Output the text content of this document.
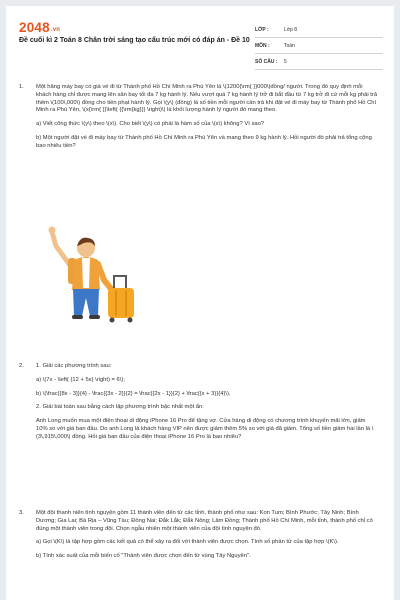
2048.vn
Đề cuối kì 2 Toán 8 Chân trời sáng tạo cấu trúc mới có đáp án - Đề 10
LỚP :	Lớp 8
MÔN :	Toán
SỐ CÂU :	5
1. Một hãng máy bay có giá vé đi từ Thành phố Hồ Chí Minh ra Phú Yên là \(1200{\rm{ }}000\)đồng/ người. Trong đó quy định mỗi khách hàng chỉ được mang lên sân bay tối đa 7 kg hành lý. Nếu vượt quá 7 kg hành lý trở đi bắt đầu từ 7 kg trở đi cứ mỗi kg phải trả thêm \(100\,000\) đồng cho tiền phạt hành lý. Gọi \(y\) (đồng) là số tiền mỗi người cần trả khi đặt vé đi máy bay từ Thành phố Hồ Chí Minh ra Phú Yên, \(x{\rm{ }}\left( {{\rm{kg}}} \right)\) là khối lượng hành lý người đó mang theo.

a) Viết công thức \(y\) theo \(x\). Cho biết \(y\) có phải là hàm số của \(x\) không? Vì sao?

b) Một người đặt vé đi máy bay từ Thành phố Hồ Chí Minh ra Phú Yên và mang theo 9 kg hành lý. Hỏi người đó phải trả tổng cộng bao nhiêu tiền?

2. 1. Giải các phương trình sau:

a) \(7x - \left( {12 + 5x} \right) = 6\);

b) \(\frac{{8x - 3}}{4} - \frac{{3x - 2}}{2} = \frac{{2x - 1}}{2} + \frac{{x + 3}}{4}\).

2. Giải bài toán sau bằng cách lập phương trình bậc nhất một ẩn:

Anh Long muốn mua một điện thoại di động iPhone 16 Pro để tặng vợ. Cửa hàng di động có chương trình khuyến mãi lớn, giảm 10% so với giá ban đầu. Do anh Long là khách hàng VIP nên được giảm thêm 5% so với giá đã giảm. Tổng số tiền giảm hai lần là \(3\,915\,000\) đồng. Hỏi giá ban đầu của điện thoại iPhone 16 Pro là bao nhiêu?

3. Một đội thanh niên tình nguyện gồm 11 thành viên đến từ các tỉnh, thành phố như sau: Kon Tum; Bình Phước; Tây Ninh; Bình Dương; Gia Lai; Bà Rịa – Vũng Tàu; Đồng Nai; Đắk Lắk; Đắk Nông; Lâm Đồng; Thành phố Hồ Chí Minh, mỗi tỉnh, thành phố chỉ có đúng một thành viên trong đội. Chọn ngẫu nhiên một thành viên của đội tình nguyện đó.

a) Gọi \(K\) là tập hợp gồm các kết quả có thể xảy ra đối với thành viên được chọn. Tính số phần tử của tập hợp \(K\).

b) Tính xác suất của mỗi biến cố "Thành viên được chọn đến từ vùng Tây Nguyên".
